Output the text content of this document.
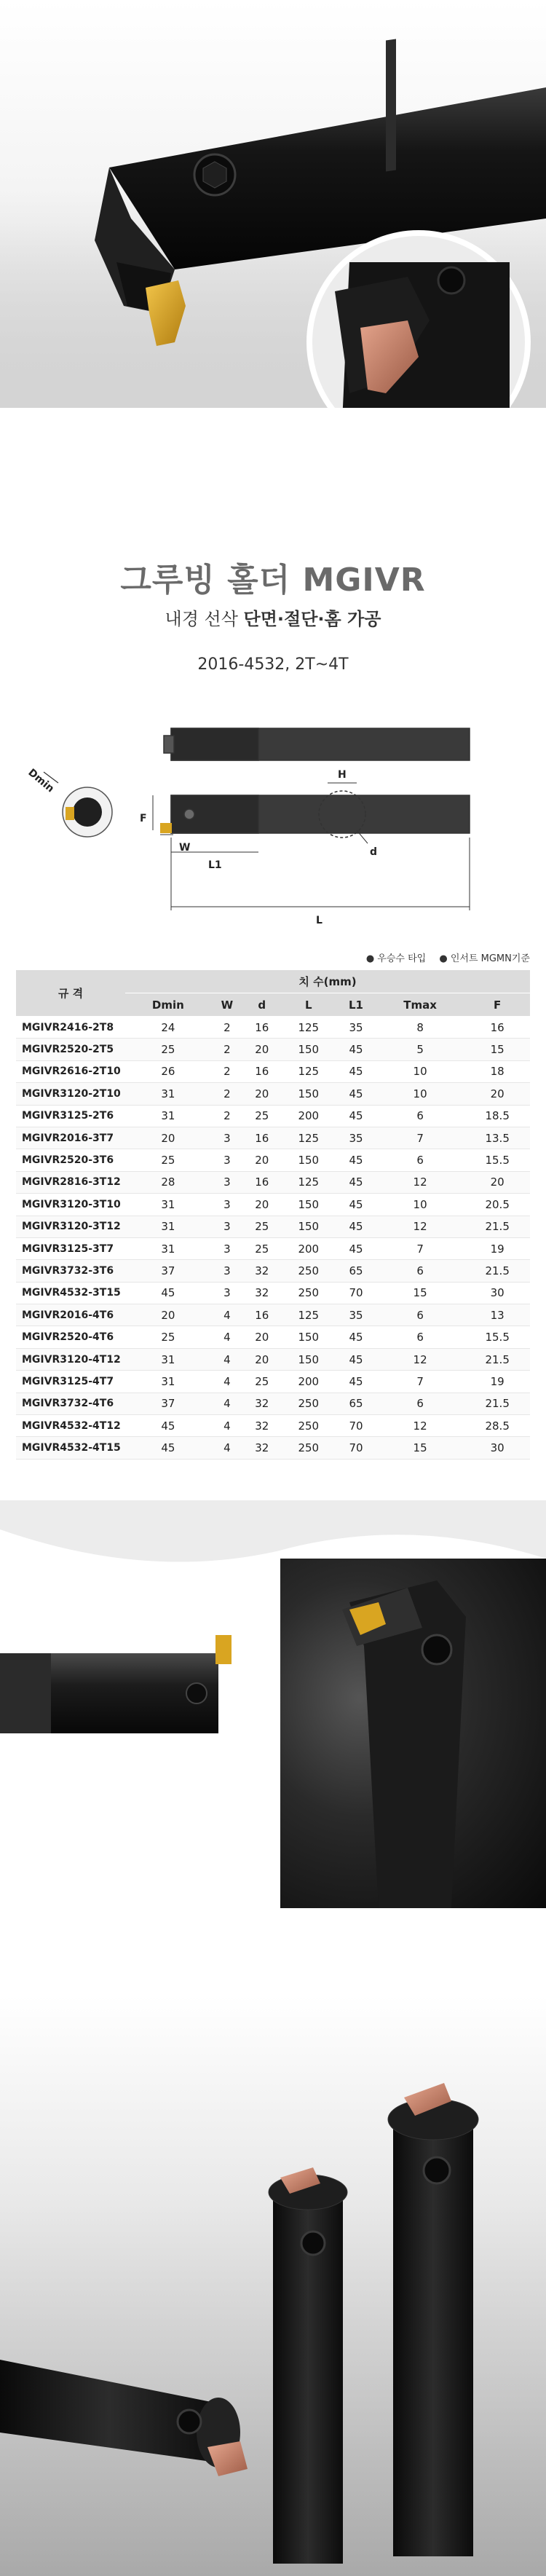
그루빙 홀더 MGIVR
내경 선삭 단면·절단·홈 가공
2016-4532, 2T~4T
Dmin
F
W
H
d
L1
L
● 우승수 타입 ● 인서트 MGMN기준
규 격	치 수(mm)						
	Dmin	W	d	L	L1	Tmax	F
MGIVR2416-2T8	24	2	16	125	35	8	16
MGIVR2520-2T5	25	2	20	150	45	5	15
MGIVR2616-2T10	26	2	16	125	45	10	18
MGIVR3120-2T10	31	2	20	150	45	10	20
MGIVR3125-2T6	31	2	25	200	45	6	18.5
MGIVR2016-3T7	20	3	16	125	35	7	13.5
MGIVR2520-3T6	25	3	20	150	45	6	15.5
MGIVR2816-3T12	28	3	16	125	45	12	20
MGIVR3120-3T10	31	3	20	150	45	10	20.5
MGIVR3120-3T12	31	3	25	150	45	12	21.5
MGIVR3125-3T7	31	3	25	200	45	7	19
MGIVR3732-3T6	37	3	32	250	65	6	21.5
MGIVR4532-3T15	45	3	32	250	70	15	30
MGIVR2016-4T6	20	4	16	125	35	6	13
MGIVR2520-4T6	25	4	20	150	45	6	15.5
MGIVR3120-4T12	31	4	20	150	45	12	21.5
MGIVR3125-4T7	31	4	25	200	45	7	19
MGIVR3732-4T6	37	4	32	250	65	6	21.5
MGIVR4532-4T12	45	4	32	250	70	12	28.5
MGIVR4532-4T15	45	4	32	250	70	15	30
